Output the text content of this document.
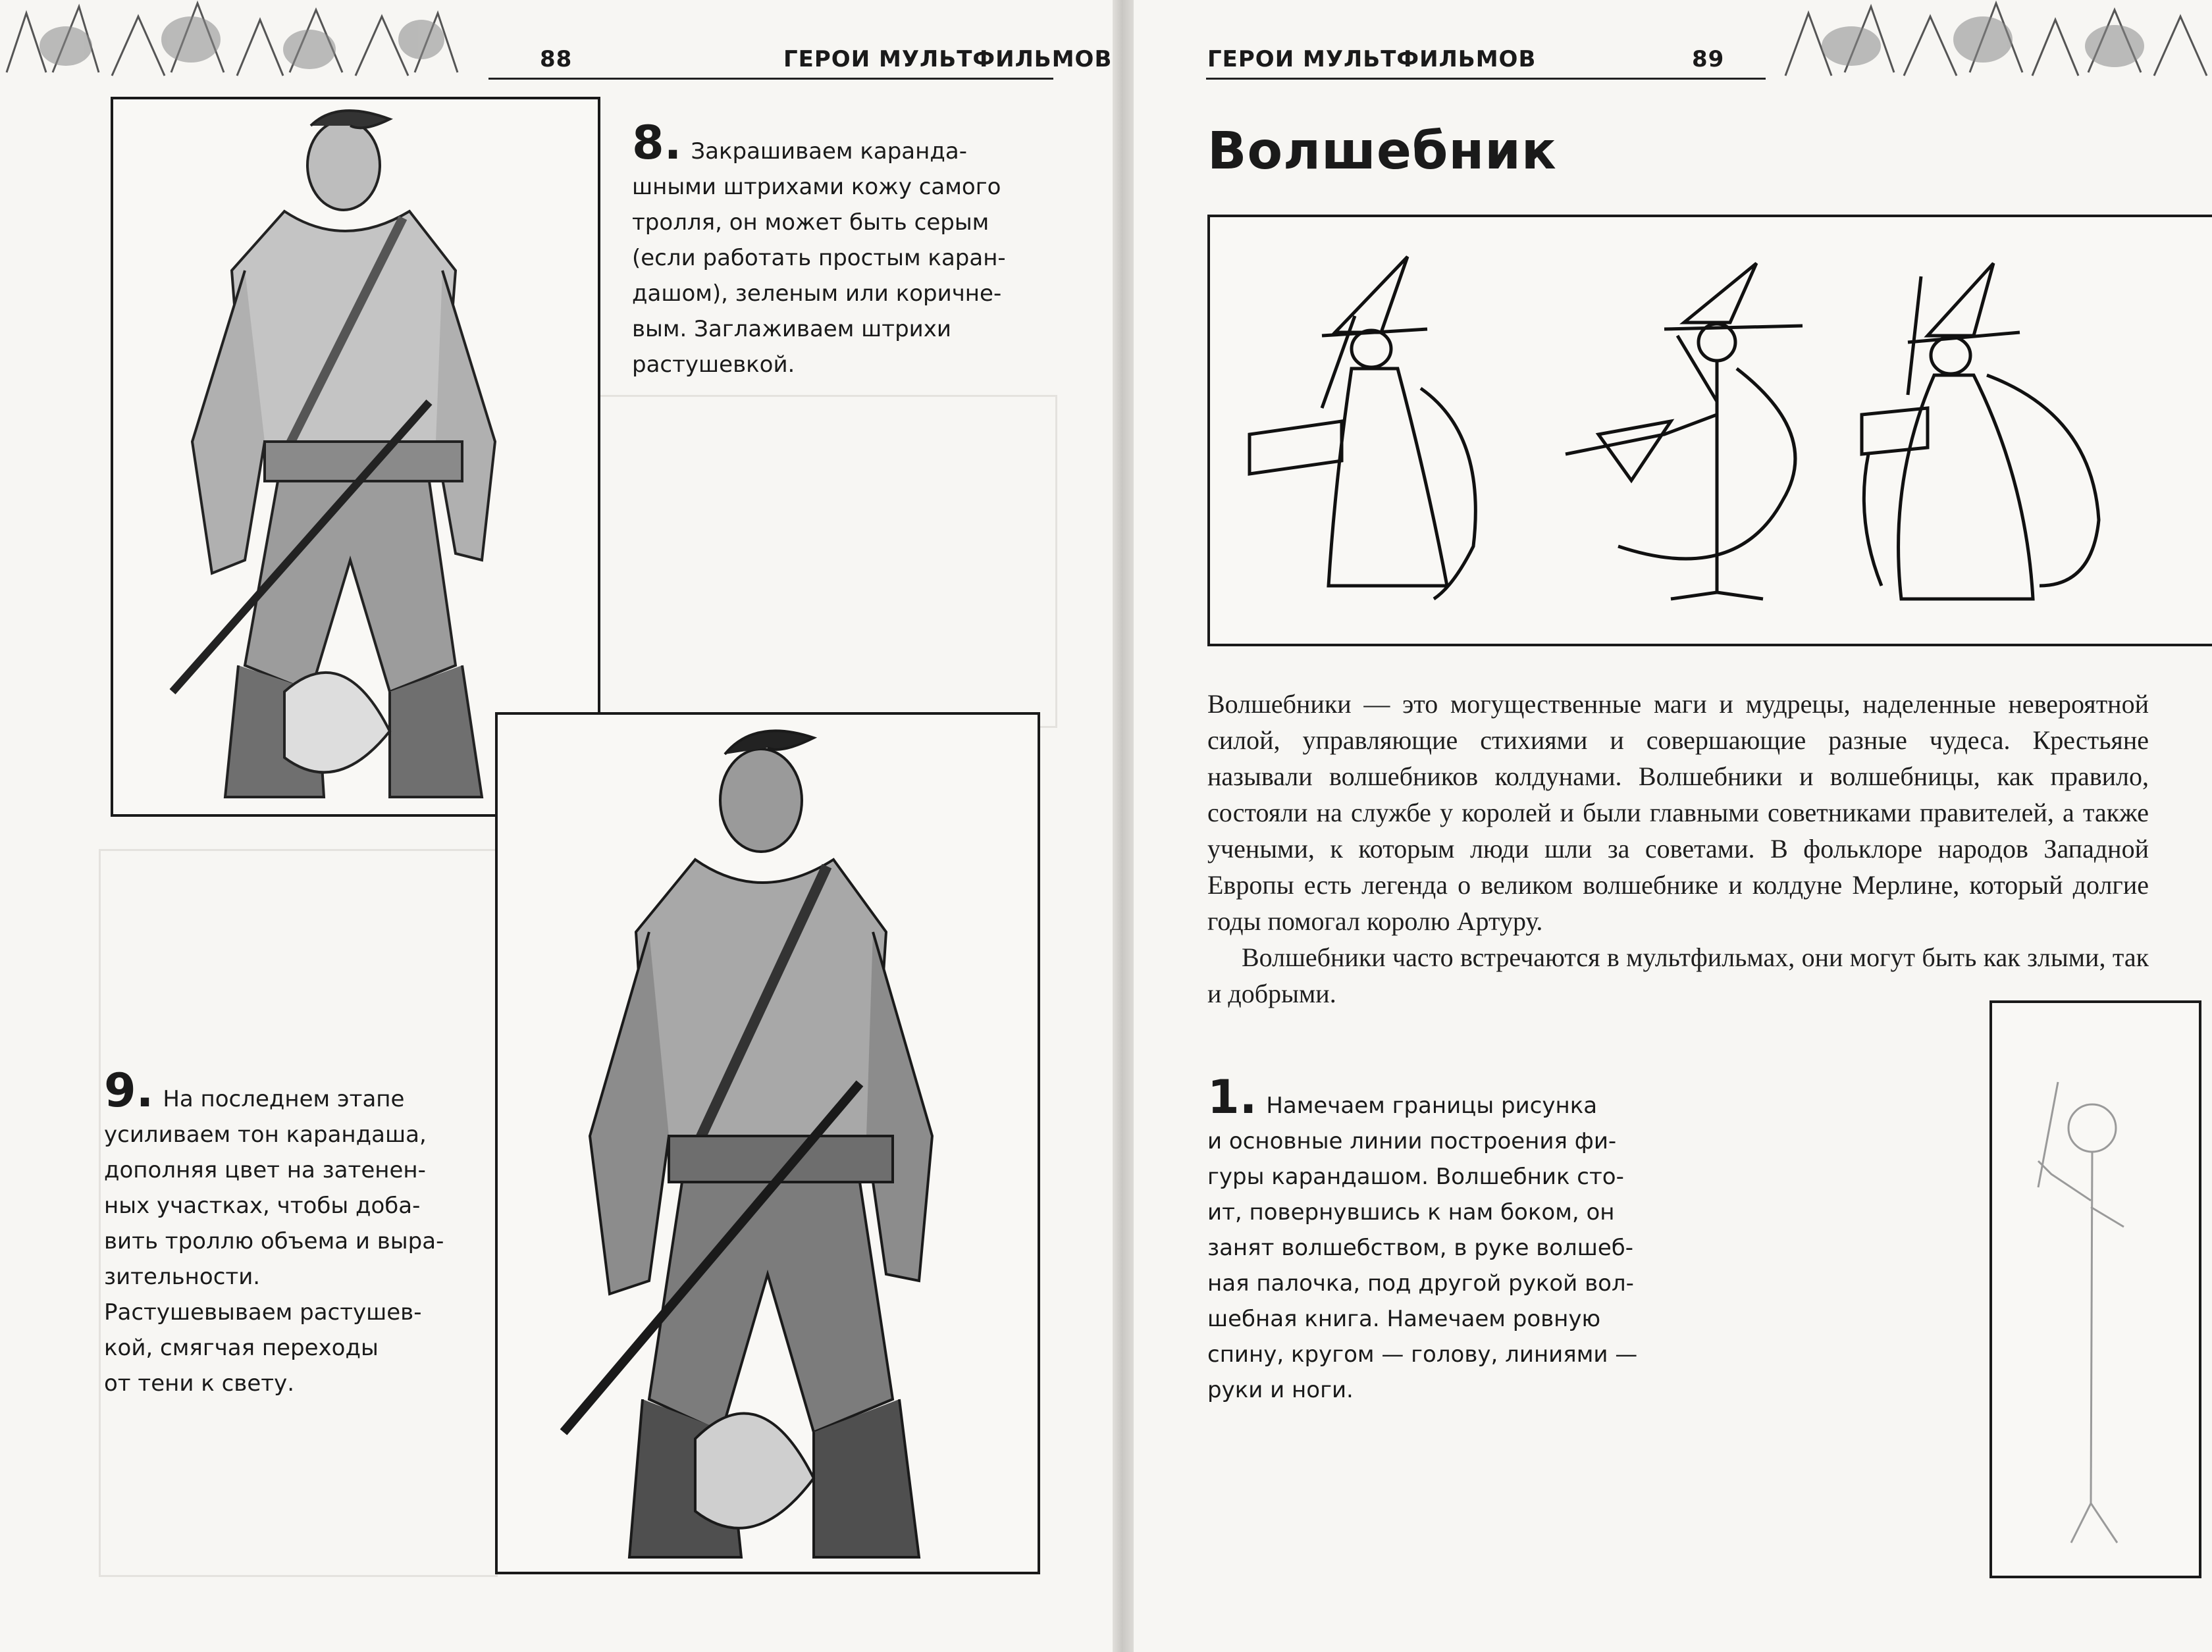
88	ГЕРОИ МУЛЬТФИЛЬМОВ
8. Закрашиваем каранда-
шными штрихами кожу самого
тролля, он может быть серым
(если работать простым каран-
дашом), зеленым или коричне-
вым. Заглаживаем штрихи
растушевкой.
9. На последнем этапе
усиливаем тон карандаша,
дополняя цвет на затенен-
ных участках, чтобы доба-
вить троллю объема и выра-
зительности.
Растушевываем растушев-
кой, смягчая переходы
от тени к свету.
ГЕРОИ МУЛЬТФИЛЬМОВ	89
Волшебник

Волшебники — это могущественные маги и мудрецы, наделенные невероятной силой, управляющие стихиями и совершающие разные чудеса. Крестьяне называли волшебников колдунами. Волшебники и волшебницы, как правило, состояли на службе у королей и были главными советниками правителей, а также учеными, к которым люди шли за советами. В фольклоре народов Западной Европы есть легенда о великом волшебнике и колдуне Мерлине, который долгие годы помогал королю Артуру.

Волшебники часто встречаются в мультфильмах, они могут быть как злыми, так и добрыми.

1. Намечаем границы рисунка
и основные линии построения фи-
гуры карандашом. Волшебник сто-
ит, повернувшись к нам боком, он
занят волшебством, в руке волшеб-
ная палочка, под другой рукой вол-
шебная книга. Намечаем ровную
спину, кругом — голову, линиями —
руки и ноги.
